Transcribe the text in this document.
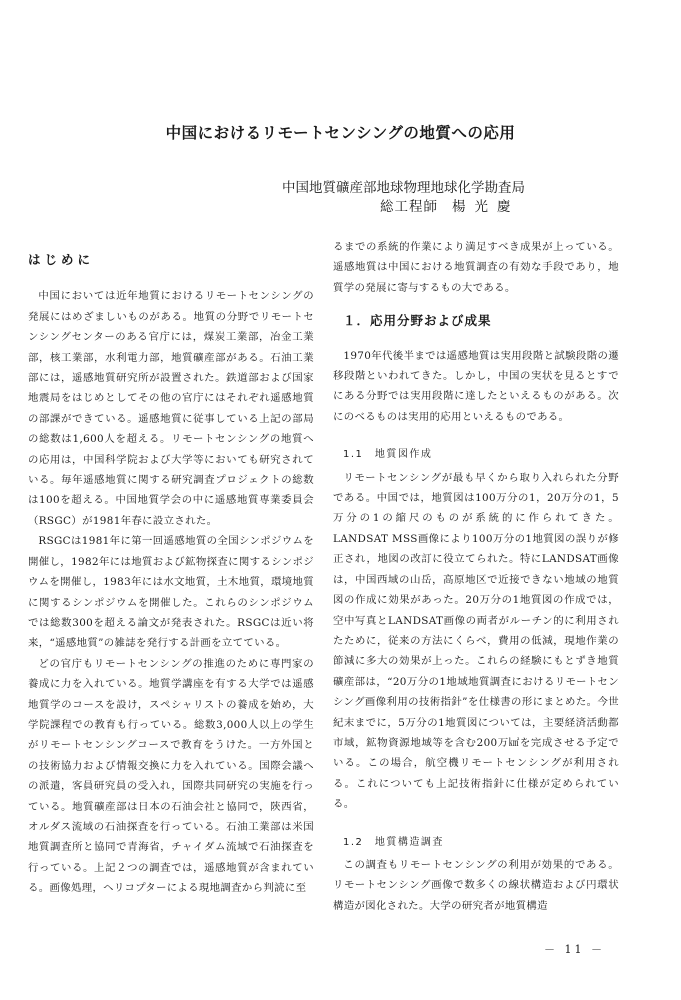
中国におけるリモートセンシングの地質への応用
中国地質礦産部地球物理地球化学勘査局
総工程師 楊 光 慶
はじめに

中国においては近年地質におけるリモートセンシングの発展にはめざましいものがある。地質の分野でリモートセンシングセンターのある官庁には，煤炭工業部，冶金工業部，核工業部，水利電力部，地質礦産部がある。石油工業部には，遥感地質研究所が設置された。鉄道部および国家地震局をはじめとしてその他の官庁にはそれぞれ遥感地質の部課ができている。遥感地質に従事している上記の部局の総数は1,600人を超える。リモートセンシングの地質への応用は，中国科学院および大学等においても研究されている。毎年遥感地質に関する研究調査プロジェクトの総数は100を超える。中国地質学会の中に遥感地質専業委員会（RSGC）が1981年春に設立された。

RSGCは1981年に第一回遥感地質の全国シンポジウムを開催し，1982年には地質および鉱物探査に関するシンポジウムを開催し，1983年には水文地質，土木地質，環境地質に関するシンポジウムを開催した。これらのシンポジウムでは総数300を超える論文が発表された。RSGCは近い将来，“遥感地質”の雑誌を発行する計画を立てている。

どの官庁もリモートセンシングの推進のために専門家の養成に力を入れている。地質学講座を有する大学では遥感地質学のコースを設け，スペシャリストの養成を始め，大学院課程での教育も行っている。総数3,000人以上の学生がリモートセンシングコースで教育をうけた。一方外国との技術協力および情報交換に力を入れている。国際会議への派遣，客員研究員の受入れ，国際共同研究の実施を行っている。地質礦産部は日本の石油会社と協同で，陝西省，オルダス流域の石油探査を行っている。石油工業部は米国地質調査所と協同で青海省，チャイダム流域で石油探査を行っている。上記２つの調査では，遥感地質が含まれている。画像処理，ヘリコプターによる現地調査から判読に至

るまでの系統的作業により満足すべき成果が上っている。遥感地質は中国における地質調査の有効な手段であり，地質学の発展に寄与するもの大である。

１．応用分野および成果

1970年代後半までは遥感地質は実用段階と試験段階の遷移段階といわれてきた。しかし，中国の実状を見るとすでにある分野では実用段階に達したといえるものがある。次にのべるものは実用的応用といえるものである。

1.1　地質図作成

リモートセンシングが最も早くから取り入れられた分野である。中国では，地質図は100万分の1，20万分の1，5万分の1の縮尺のものが系統的に作られてきた。LANDSAT MSS画像により100万分の1地質図の誤りが修正され，地図の改訂に役立てられた。特にLANDSAT画像は，中国西域の山岳，高原地区で近接できない地域の地質図の作成に効果があった。20万分の1地質図の作成では，空中写真とLANDSAT画像の両者がルーチン的に利用されたために，従来の方法にくらべ，費用の低減，現地作業の節減に多大の効果が上った。これらの経験にもとずき地質礦産部は，“20万分の1地域地質調査におけるリモートセンシング画像利用の技術指針”を仕様書の形にまとめた。今世紀末までに，5万分の1地質図については，主要経済活動都市域，鉱物資源地域等を含む200万㎢を完成させる予定でいる。この場合，航空機リモートセンシングが利用される。これについても上記技術指針に仕様が定められている。

1.2　地質構造調査

この調査もリモートセンシングの利用が効果的である。リモートセンシング画像で数多くの線状構造および円環状構造が図化された。大学の研究者が地質構造

－ 11 －
